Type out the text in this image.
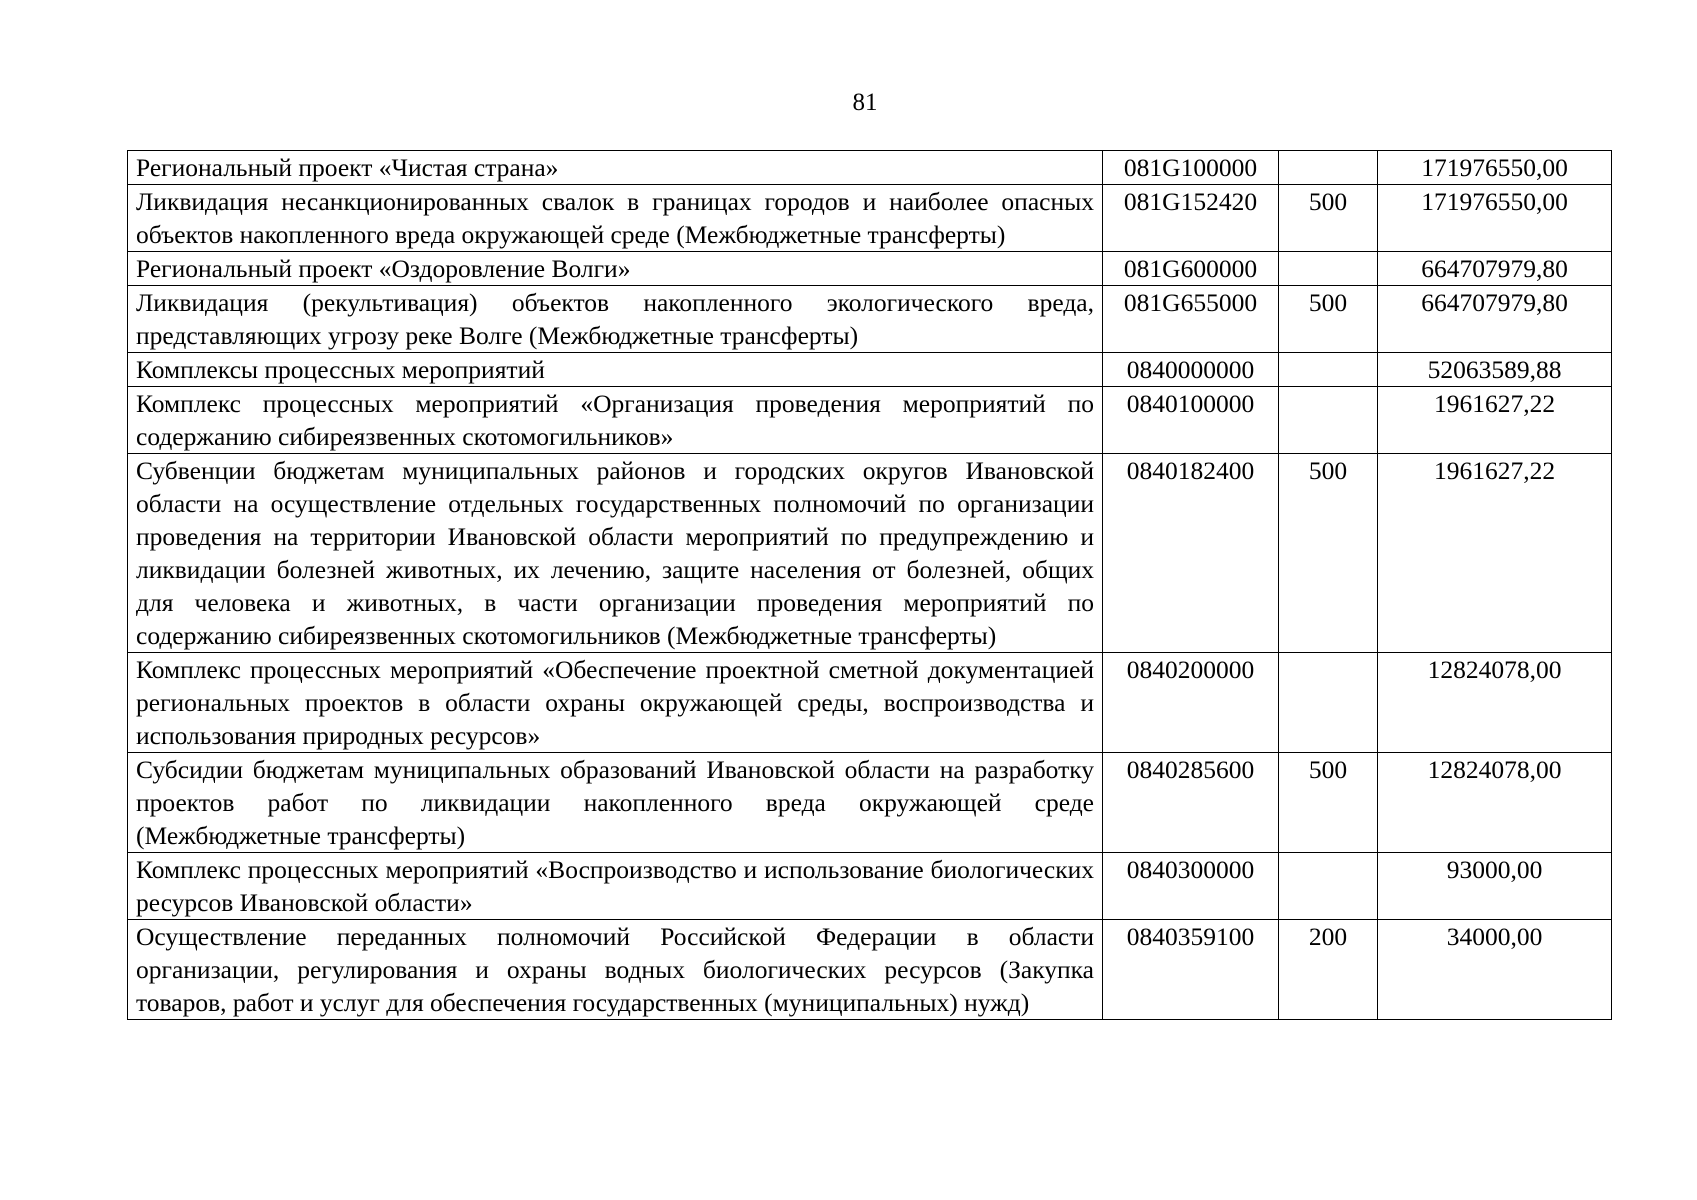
81
Региональный проект «Чистая страна»	081G100000		171976550,00
Ликвидация несанкционированных свалок в границах городов и наиболее опасных объектов накопленного вреда окружающей среде (Межбюджетные трансферты)	081G152420	500	171976550,00
Региональный проект «Оздоровление Волги»	081G600000		664707979,80
Ликвидация (рекультивация) объектов накопленного экологического вреда, представляющих угрозу реке Волге (Межбюджетные трансферты)	081G655000	500	664707979,80
Комплексы процессных мероприятий	0840000000		52063589,88
Комплекс процессных мероприятий «Организация проведения мероприятий по содержанию сибиреязвенных скотомогильников»	0840100000		1961627,22
Субвенции бюджетам муниципальных районов и городских округов Ивановской области на осуществление отдельных государственных полномочий по организации проведения на территории Ивановской области мероприятий по предупреждению и ликвидации болезней животных, их лечению, защите населения от болезней, общих для человека и животных, в части организации проведения мероприятий по содержанию сибиреязвенных скотомогильников (Межбюджетные трансферты)	0840182400	500	1961627,22
Комплекс процессных мероприятий «Обеспечение проектной сметной документацией региональных проектов в области охраны окружающей среды, воспроизводства и использования природных ресурсов»	0840200000		12824078,00
Субсидии бюджетам муниципальных образований Ивановской области на разработку проектов работ по ликвидации накопленного вреда окружающей среде (Межбюджетные трансферты)	0840285600	500	12824078,00
Комплекс процессных мероприятий «Воспроизводство и использование биологических ресурсов Ивановской области»	0840300000		93000,00
Осуществление переданных полномочий Российской Федерации в области организации, регулирования и охраны водных биологических ресурсов (Закупка товаров, работ и услуг для обеспечения государственных (муниципальных) нужд)	0840359100	200	34000,00
